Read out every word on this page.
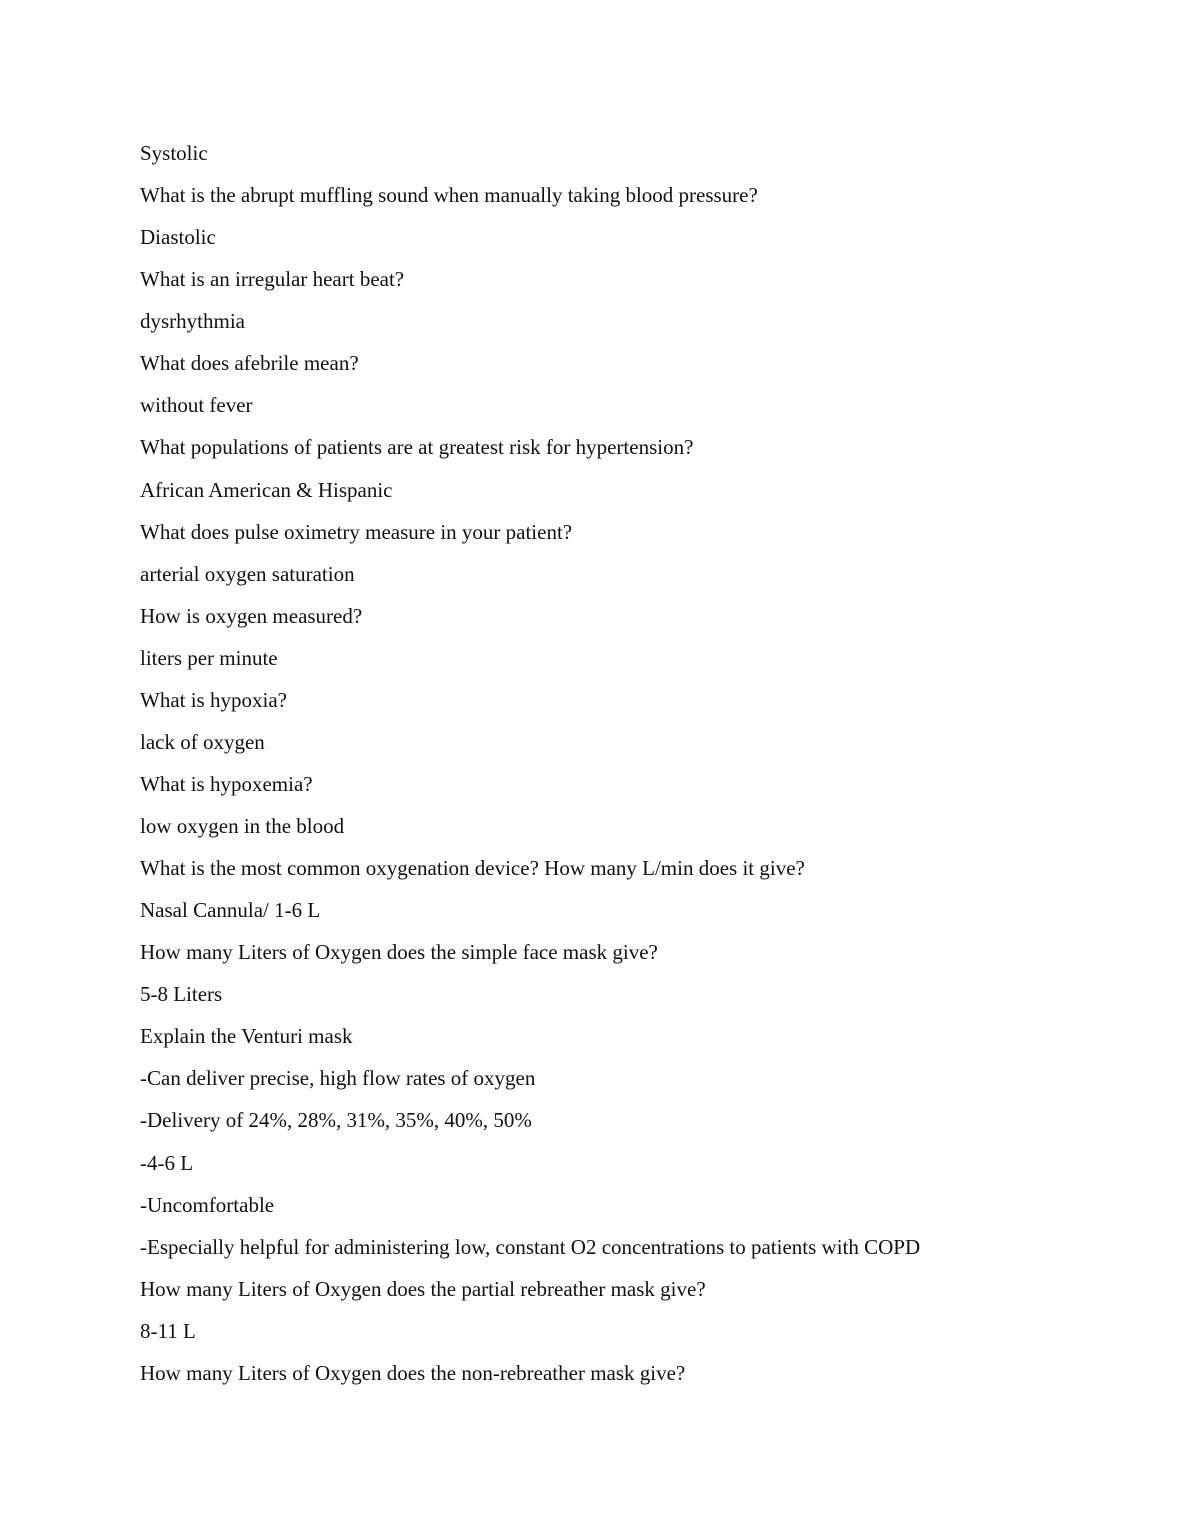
Systolic
What is the abrupt muffling sound when manually taking blood pressure?
Diastolic
What is an irregular heart beat?
dysrhythmia
What does afebrile mean?
without fever
What populations of patients are at greatest risk for hypertension?
African American & Hispanic
What does pulse oximetry measure in your patient?
arterial oxygen saturation
How is oxygen measured?
liters per minute
What is hypoxia?
lack of oxygen
What is hypoxemia?
low oxygen in the blood
What is the most common oxygenation device? How many L/min does it give?
Nasal Cannula/ 1-6 L
How many Liters of Oxygen does the simple face mask give?
5-8 Liters
Explain the Venturi mask
-Can deliver precise, high flow rates of oxygen
-Delivery of 24%, 28%, 31%, 35%, 40%, 50%
-4-6 L
-Uncomfortable
-Especially helpful for administering low, constant O2 concentrations to patients with COPD
How many Liters of Oxygen does the partial rebreather mask give?
8-11 L
How many Liters of Oxygen does the non-rebreather mask give?
